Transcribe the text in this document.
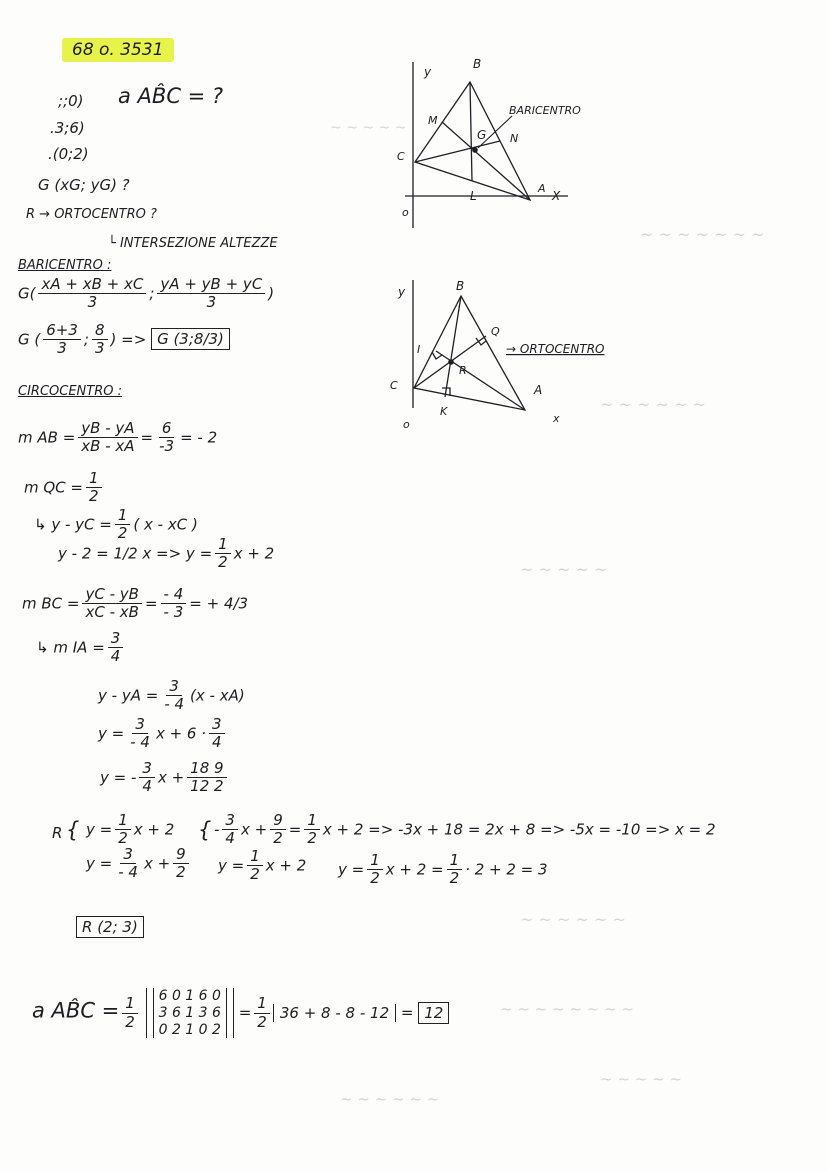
~ ~ ~ ~ ~
~ ~ ~ ~ ~ ~ ~
~ ~ ~ ~ ~ ~
~ ~ ~ ~ ~
~ ~ ~ ~ ~ ~
~ ~ ~ ~ ~ ~ ~ ~
~ ~ ~ ~ ~
~ ~ ~ ~ ~ ~
68 ο. 3531
;;0) a AB̂C = ?
.3;6)
.(0;2)
G (xG; yG) ?
R → ORTOCENTRO ?
└ INTERSEZIONE ALTEZZE
BARICENTRO :
$G( \frac{xA + xB + xC}{3}$ ; $\frac{yA + yB + yC}{3}$ )
G ( $\frac{6+3}{3}$ ; $\frac{8}{3}$ ) => G (3;8/3)
CIRCOCENTRO :
m AB = $\frac{yB - yA}{xB - xA} = \frac{6}{-3}$ = - 2
m QC = $\frac{1}{2}$
↳ y - yC = $\frac{1}{2}$ ( x - xC )
y - 2 = 1/2 $x => y = \frac{1}{2}$ x + 2
m BC = $\frac{yC - yB}{xC - xB} = \frac{- 4}{- 3}$ = + 4/3
↳ m IA = $\frac{3}{4}$
y - yA = $\frac{3}{- 4} (x - xA)$
$y = \frac{3}{- 4}$ $x + 6 \cdot \frac{3}{4}$
y = - $\frac{3}{4}$ $x + \frac{18 9}{12 2}$
R { $y = \frac{1}{2}$ x + 2
$y = \frac{3}{- 4}$ $x + \frac{9}{2}$
{ - $\frac{3}{4}$ $x + \frac{9}{2} = \frac{1}{2}$ x + 2 => -3x + 18 = 2x + 8 => -5x = -10 => x = 2
$y = \frac{1}{2}$ x + 2 $y = \frac{1}{2}$ $x + 2 = \frac{1}{2} \cdot 2 + 2 = 3$
R (2; 3)
a AB̂C = $\frac{1}{2}$
6 0 1 6 0
3 6 1 3 6
0 2 1 0 2
= $\frac{1}{2} 36 + 8 - 8 - 12 = 12$
y
X
o
B
M
G N
C
L
A
BARICENTRO
y
x
o
B
Q
I
R
C
K
A
→ ORTOCENTRO
